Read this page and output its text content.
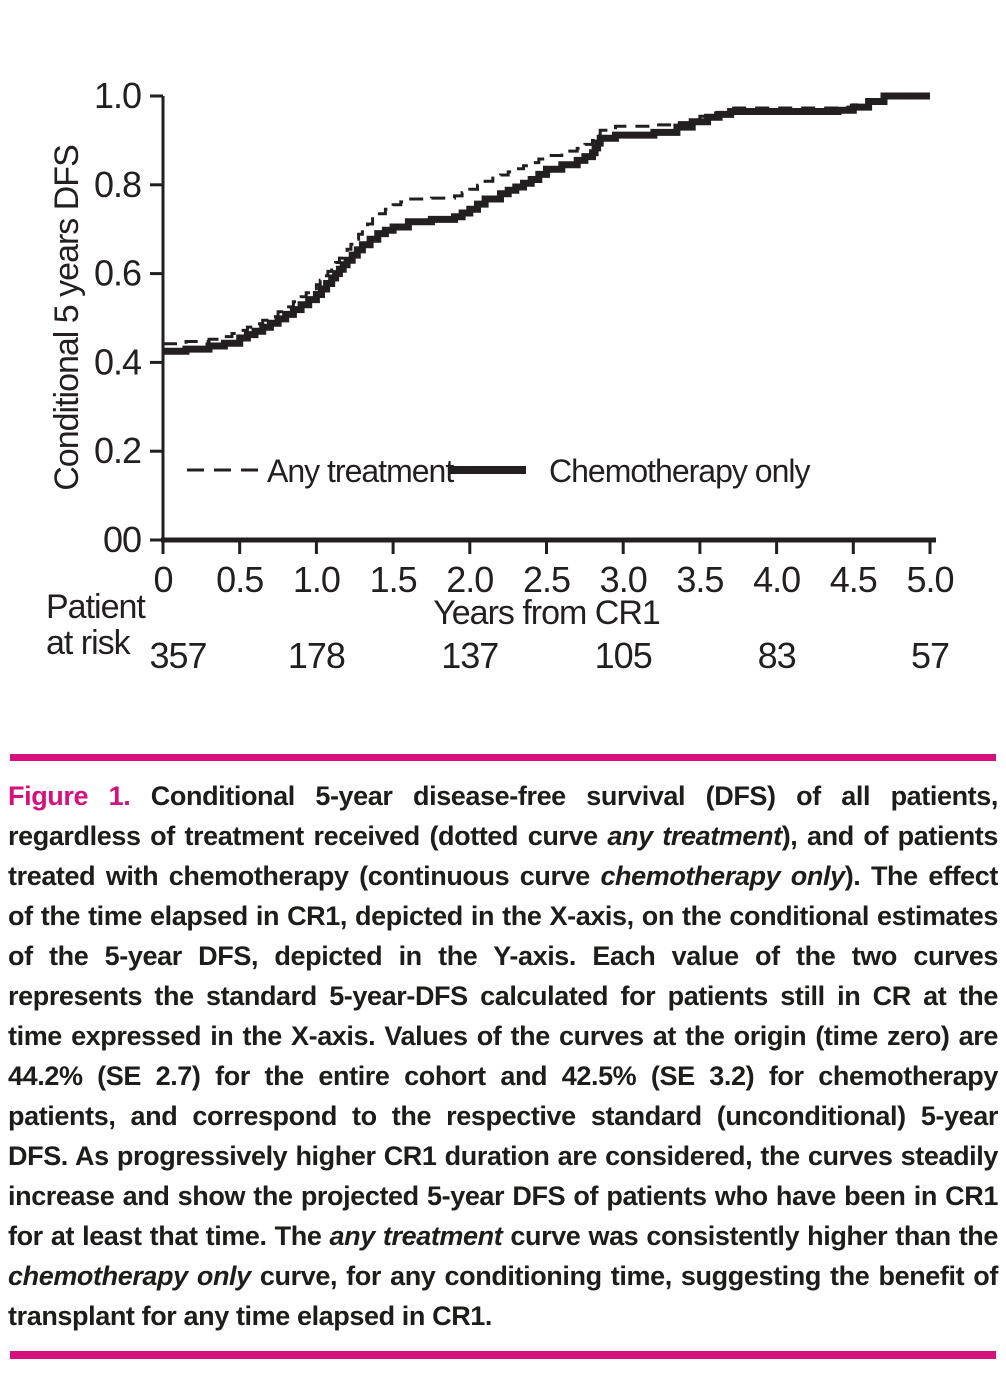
1.0
0.8
0.6
0.4
0.2
00
0 0.5 1.0 1.5 2.0 2.5 3.0 3.5 4.0 4.5 5.0
Conditional 5 years DFS
Years from CR1
Patient
at risk 357 178	137	105	83	57
Any treatment	Chemotherapy only

Figure 1. Conditional 5-year disease-free survival (DFS) of all patients, regardless of treatment received (dotted curve any treatment), and of patients treated with chemotherapy (continuous curve chemotherapy only). The effect of the time elapsed in CR1, depicted in the X-axis, on the conditional estimates of the 5-year DFS, depicted in the Y-axis. Each value of the two curves represents the standard 5-year-DFS calculated for patients still in CR at the time expressed in the X-axis. Values of the curves at the origin (time zero) are 44.2% (SE 2.7) for the entire cohort and 42.5% (SE 3.2) for chemotherapy patients, and correspond to the respective standard (unconditional) 5-year DFS. As progressively higher CR1 duration are considered, the curves steadily increase and show the projected 5-year DFS of patients who have been in CR1 for at least that time. The any treatment curve was consistently higher than the chemotherapy only curve, for any conditioning time, suggesting the benefit of transplant for any time elapsed in CR1.
